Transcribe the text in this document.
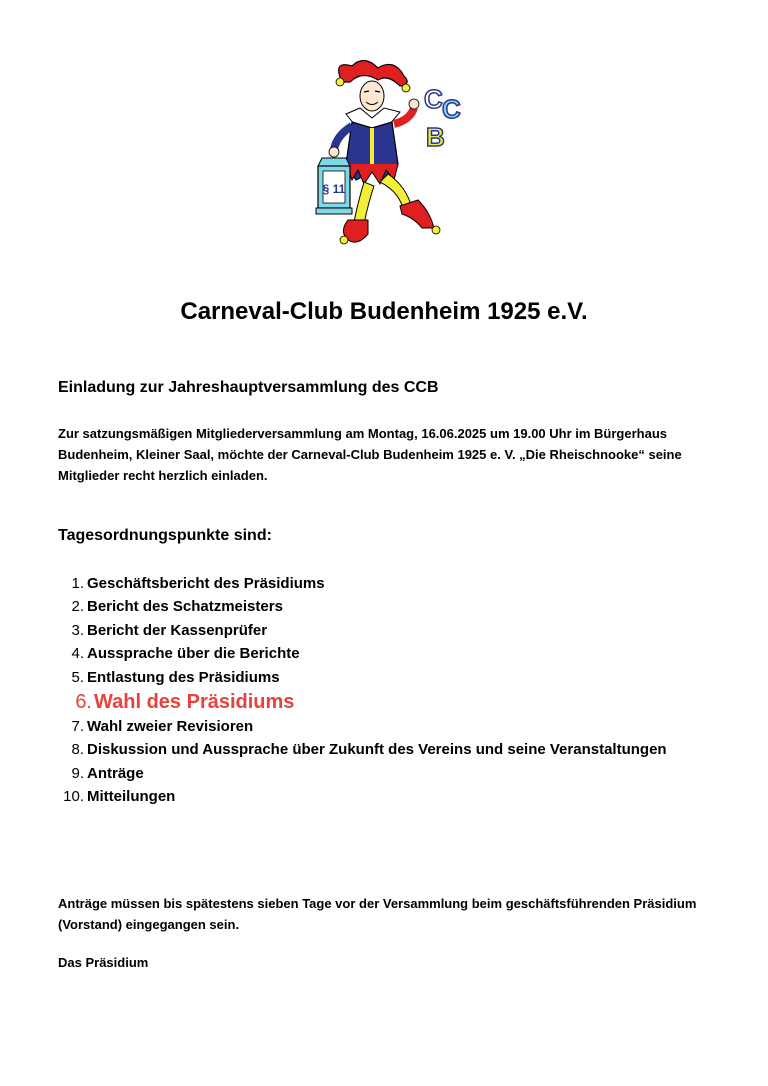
§ 11
C C
B
Carneval-Club Budenheim 1925 e.V.
Einladung zur Jahreshauptversammlung des CCB
Zur satzungsmäßigen Mitgliederversammlung am Montag, 16.06.2025 um 19.00 Uhr im Bürgerhaus Budenheim, Kleiner Saal, möchte der Carneval-Club Budenheim 1925 e. V. „Die Rheischnooke“ seine Mitglieder recht herzlich einladen.
Tagesordnungspunkte sind:
1. Geschäftsbericht des Präsidiums
2. Bericht des Schatzmeisters
3. Bericht der Kassenprüfer
4. Aussprache über die Berichte
5. Entlastung des Präsidiums
6. Wahl des Präsidiums
7. Wahl zweier Revisioren
8. Diskussion und Aussprache über Zukunft des Vereins und seine Veranstaltungen
9. Anträge
10. Mitteilungen
Anträge müssen bis spätestens sieben Tage vor der Versammlung beim geschäftsführenden Präsidium (Vorstand) eingegangen sein.
Das Präsidium
